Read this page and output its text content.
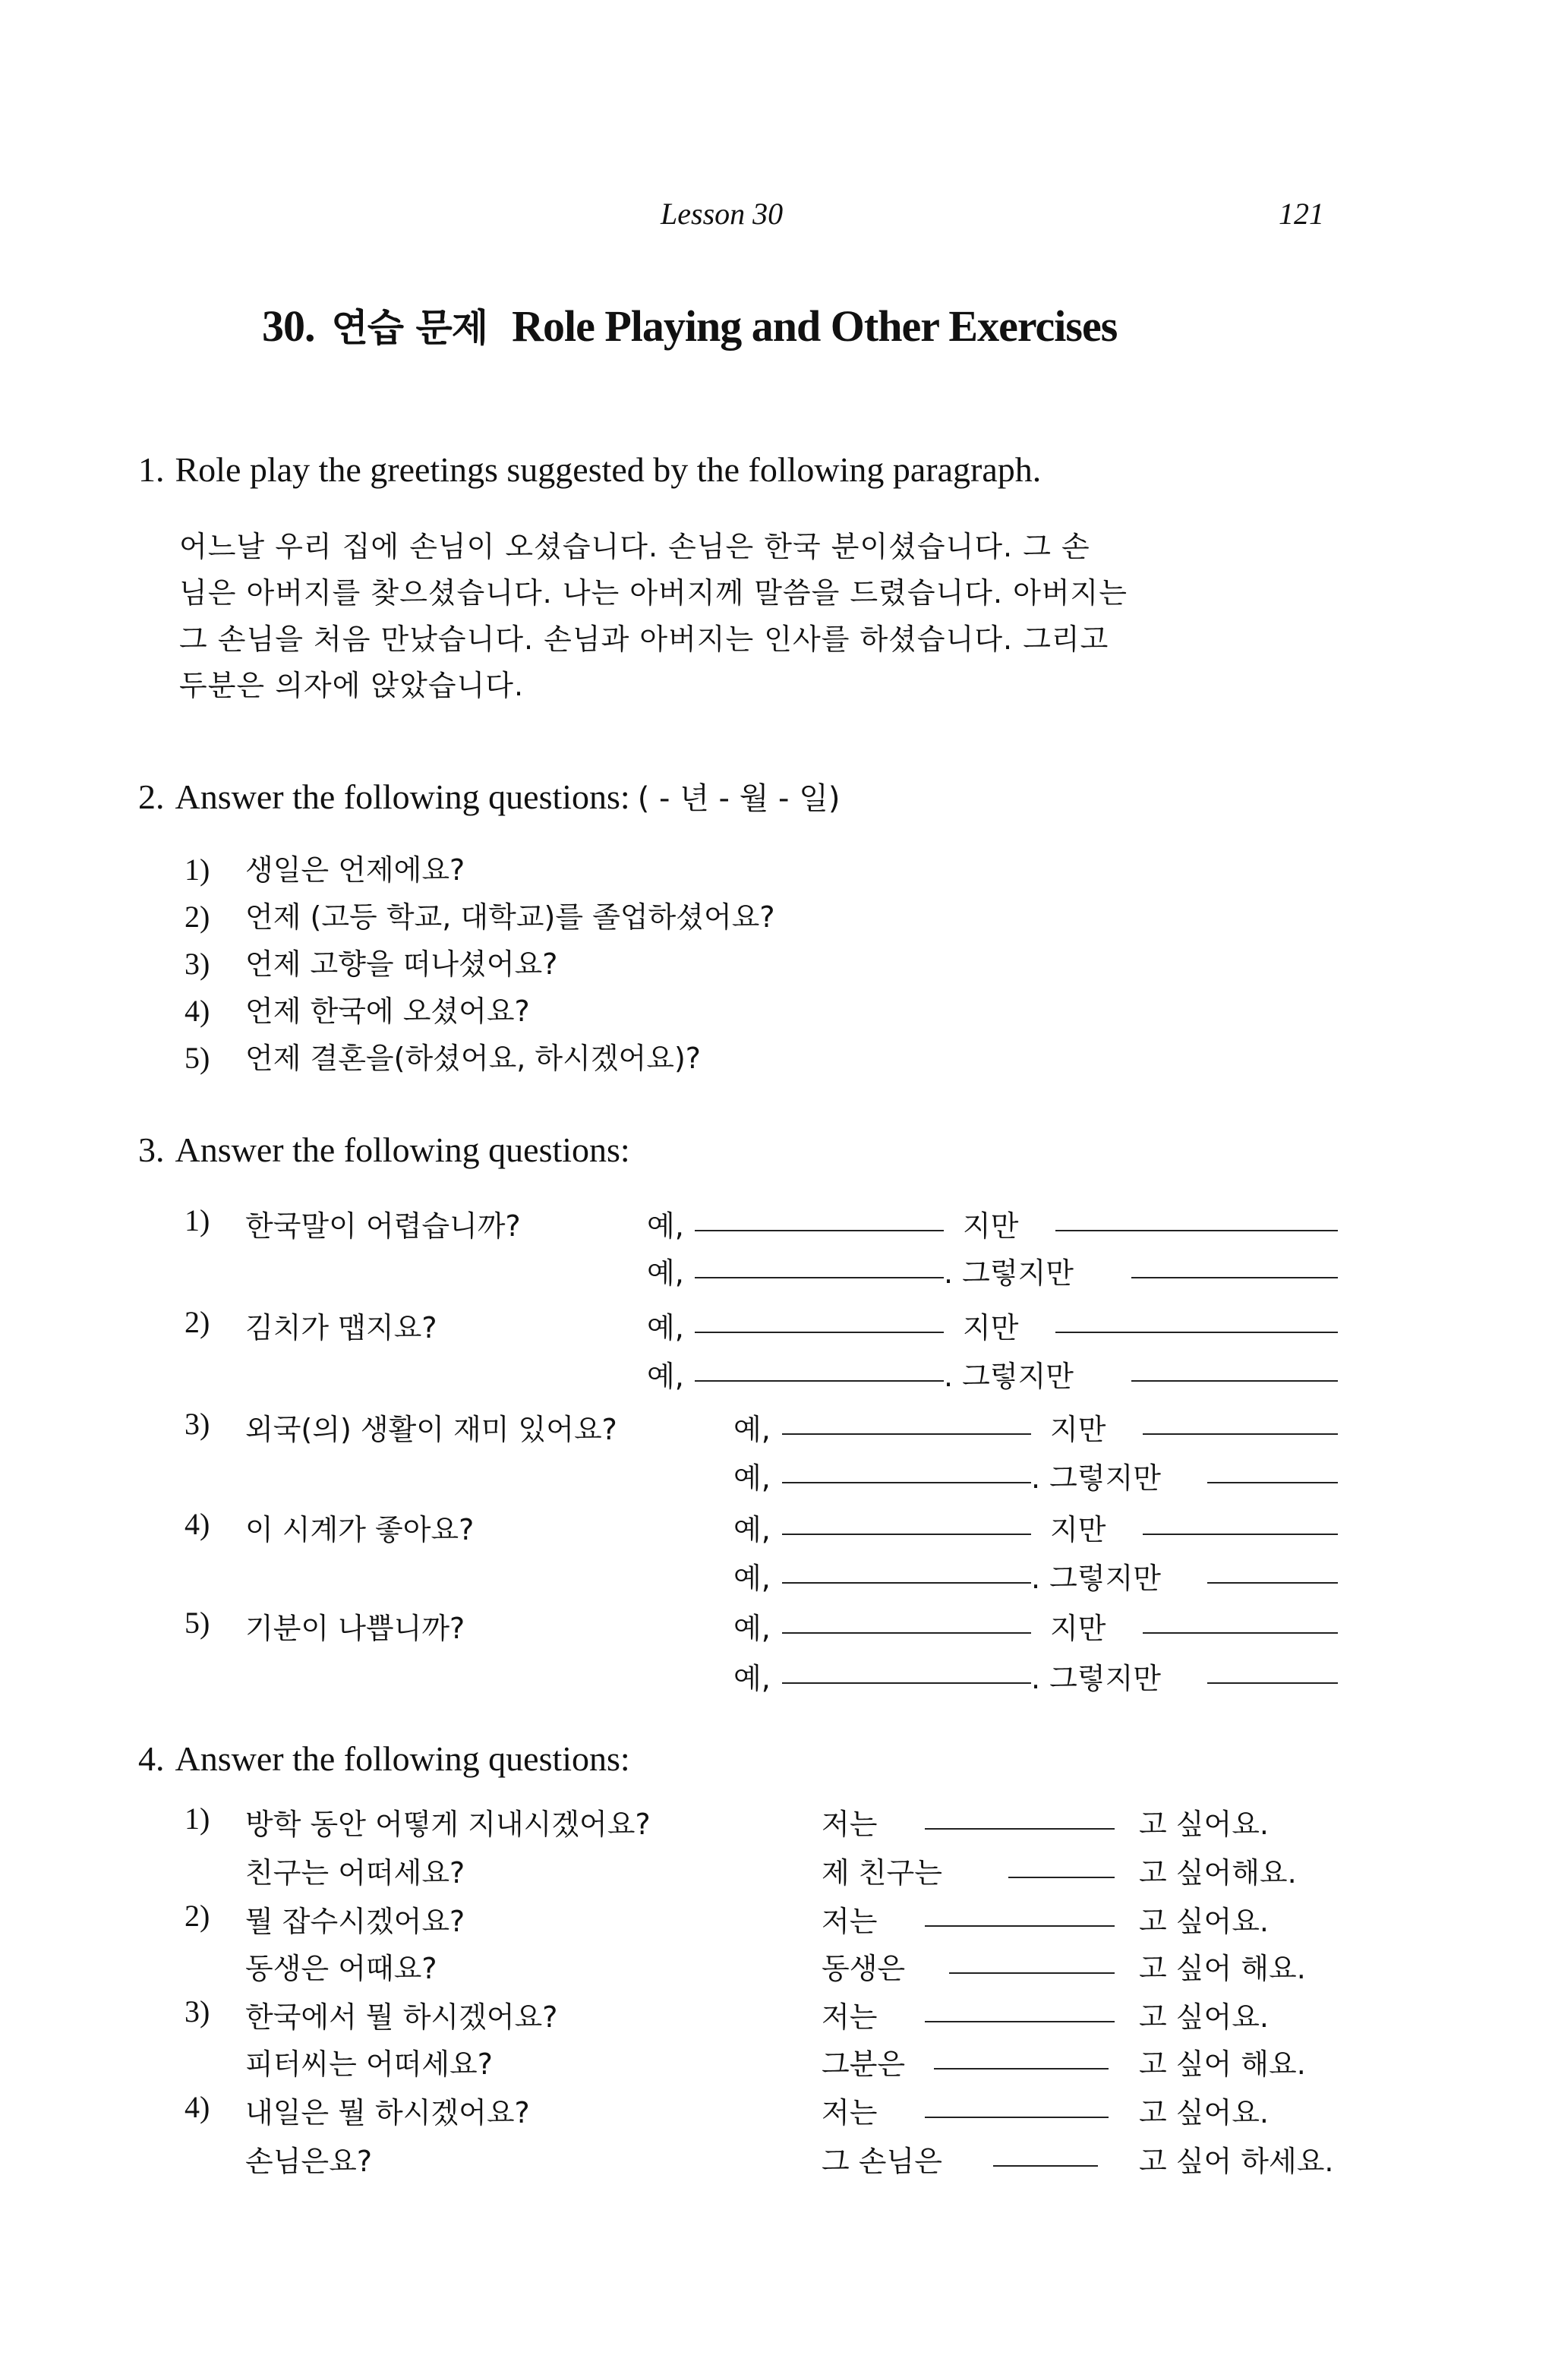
Lesson 30	121
30. 연습 문제 Role Playing and Other Exercises
1. Role play the greetings suggested by the following paragraph.
어느날 우리 집에 손님이 오셨습니다. 손님은 한국 분이셨습니다. 그 손
님은 아버지를 찾으셨습니다. 나는 아버지께 말씀을 드렸습니다. 아버지는
그 손님을 처음 만났습니다. 손님과 아버지는 인사를 하셨습니다. 그리고
두분은 의자에 앉았습니다.
2. Answer the following questions: ( - 년 - 월 - 일)
1) 생일은 언제에요?
2) 언제 (고등 학교, 대학교)를 졸업하셨어요?
3) 언제 고향을 떠나셨어요?
4) 언제 한국에 오셨어요?
5) 언제 결혼을(하셨어요, 하시겠어요)?
3. Answer the following questions:
1) 한국말이 어렵습니까?	예,	지만
예,	. 그렇지만
2) 김치가 맵지요?	예,	지만
예,	. 그렇지만
3) 외국(의) 생활이 재미 있어요?	예,	지만
예,	. 그렇지만
4) 이 시계가 좋아요?	예,	지만
예,	. 그렇지만
5) 기분이 나쁩니까?	예,	지만
예,	. 그렇지만
4. Answer the following questions:
1) 방학 동안 어떻게 지내시겠어요?	저는	고 싶어요.
친구는 어떠세요?	제 친구는	고 싶어해요.
2) 뭘 잡수시겠어요?	저는	고 싶어요.
동생은 어때요?	동생은	고 싶어 해요.
3) 한국에서 뭘 하시겠어요?	저는	고 싶어요.
피터씨는 어떠세요?	그분은	고 싶어 해요.
4) 내일은 뭘 하시겠어요?	저는	고 싶어요.
손님은요?	그 손님은	고 싶어 하세요.
